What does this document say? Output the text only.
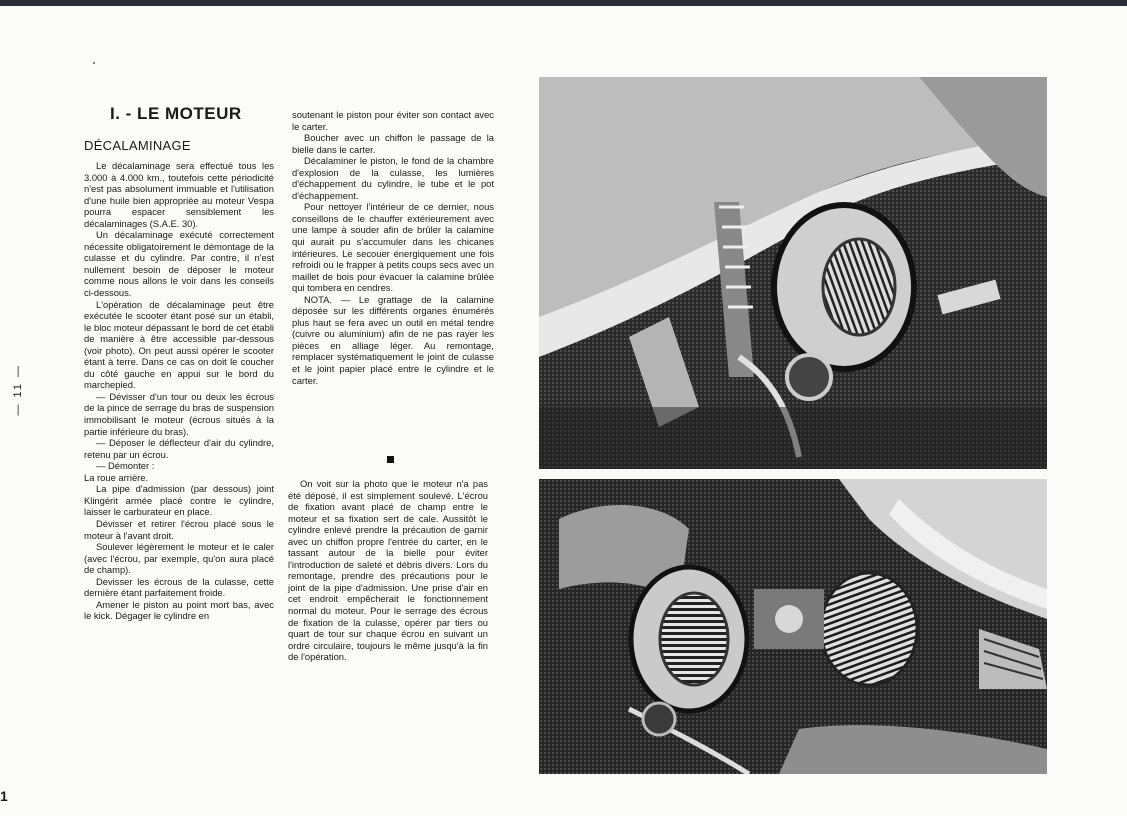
I. - LE MOTEUR
DÉCALAMINAGE

Le décalaminage sera effectué tous les 3.000 à 4.000 km., toutefois cette périodicité n'est pas absolument immuable et l'utilisation d'une huile bien appropriée au moteur Vespa pourra espacer sensiblement les décalaminages (S.A.E. 30).

Un décalaminage exécuté correctement nécessite obligatoirement le démontage de la culasse et du cylindre. Par contre, il n'est nullement besoin de déposer le moteur comme nous allons le voir dans les conseils ci-dessous.

L'opération de décalaminage peut être exécutée le scooter étant posé sur un établi, le bloc moteur dépassant le bord de cet établi de manière à être accessible par-dessous (voir photo). On peut aussi opérer le scooter étant à terre. Dans ce cas on doit le coucher du côté gauche en appui sur le bord du marchepied.

— Dévisser d'un tour ou deux les écrous de la pince de serrage du bras de suspension immobilisant le moteur (écrous situés à la partie inférieure du bras).

— Déposer le déflecteur d'air du cylindre, retenu par un écrou.

— Démonter :

La roue arrière.

La pipe d'admission (par dessous) joint Klingérit armée placé contre le cylindre, laisser le carburateur en place.

Dévisser et retirer l'écrou placé sous le moteur à l'avant droit.

Soulever légèrement le moteur et le caler (avec l'écrou, par exemple, qu'on aura placé de champ).

Devisser les écrous de la culasse, cette dernière étant parfaitement froide.

Amener le piston au point mort bas, avec le kick. Dégager le cylindre en

soutenant le piston pour éviter son contact avec le carter.

Boucher avec un chiffon le passage de la bielle dans le carter.

Décalaminer le piston, le fond de la chambre d'explosion de la culasse, les lumières d'échappement du cylindre, le tube et le pot d'échappement.

Pour nettoyer l'intérieur de ce dernier, nous conseillons de le chauffer extérieurement avec une lampe à souder afin de brûler la calamine qui aurait pu s'accumuler dans les chicanes intérieures. Le secouer énergiquement une fois refroidi ou le frapper à petits coups secs avec un maillet de bois pour évacuer la calamine brûlée qui tombera en cendres.

NOTA. — Le grattage de la calamine déposée sur les différents organes énumérés plus haut se fera avec un outil en métal tendre (cuivre ou aluminium) afin de ne pas rayer les pièces en alliage léger. Au remontage, remplacer systématiquement le joint de culasse et le joint papier placé entre le cylindre et le carter.

On voit sur la photo que le moteur n'a pas été déposé, il est simplement soulevé. L'écrou de fixation avant placé de champ entre le moteur et sa fixation sert de cale. Aussitôt le cylindre enlevé prendre la précaution de garnir avec un chiffon propre l'entrée du carter, en le tassant autour de la bielle pour éviter l'introduction de saleté et débris divers. Lors du remontage, prendre des précautions pour le joint de la pipe d'admission. Une prise d'air en cet endroit empêcherait le fonctionnement normal du moteur. Pour le serrage des écrous de fixation de la culasse, opérer par tiers ou quart de tour sur chaque écrou en suivant un ordre circulaire, toujours le même jusqu'à la fin de l'opération.

— 11 —
1
